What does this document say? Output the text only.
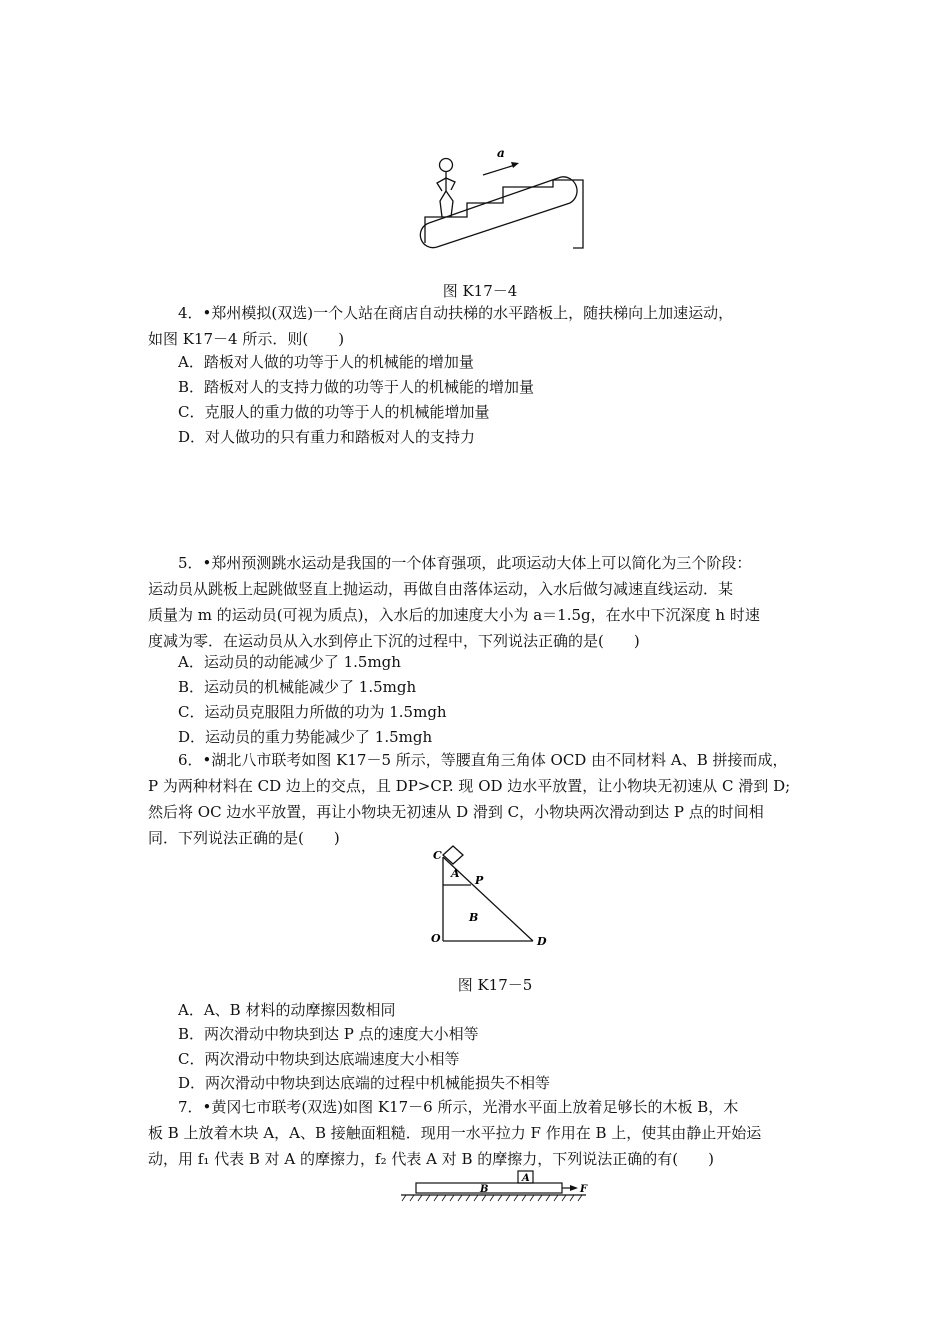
a
图 K17－4
4．•郑州模拟(双选)一个人站在商店自动扶梯的水平踏板上，随扶梯向上加速运动，
如图 K17－4 所示．则(　　)
A．踏板对人做的功等于人的机械能的增加量
B．踏板对人的支持力做的功等于人的机械能的增加量
C．克服人的重力做的功等于人的机械能增加量
D．对人做功的只有重力和踏板对人的支持力
5．•郑州预测跳水运动是我国的一个体育强项，此项运动大体上可以简化为三个阶段：
运动员从跳板上起跳做竖直上抛运动，再做自由落体运动，入水后做匀减速直线运动．某
质量为 m 的运动员(可视为质点)，入水后的加速度大小为 a＝1.5g，在水中下沉深度 h 时速
度减为零．在运动员从入水到停止下沉的过程中，下列说法正确的是(　　)
A．运动员的动能减少了 1.5mgh
B．运动员的机械能减少了 1.5mgh
C．运动员克服阻力所做的功为 1.5mgh
D．运动员的重力势能减少了 1.5mgh
6．•湖北八市联考如图 K17－5 所示，等腰直角三角体 OCD 由不同材料 A、B 拼接而成，
P 为两种材料在 CD 边上的交点，且 DP>CP. 现 OD 边水平放置，让小物块无初速从 C 滑到 D;
然后将 OC 边水平放置，再让小物块无初速从 D 滑到 C，小物块两次滑动到达 P 点的时间相
同．下列说法正确的是(　　)
C
A
P
B
O	D
图 K17－5
A．A、B 材料的动摩擦因数相同
B．两次滑动中物块到达 P 点的速度大小相等
C．两次滑动中物块到达底端速度大小相等
D．两次滑动中物块到达底端的过程中机械能损失不相等
7．•黄冈七市联考(双选)如图 K17－6 所示，光滑水平面上放着足够长的木板 B，木
板 B 上放着木块 A，A、B 接触面粗糙．现用一水平拉力 F 作用在 B 上，使其由静止开始运
动，用 f₁ 代表 B 对 A 的摩擦力，f₂ 代表 A 对 B 的摩擦力，下列说法正确的有(　　)
A
B	F
